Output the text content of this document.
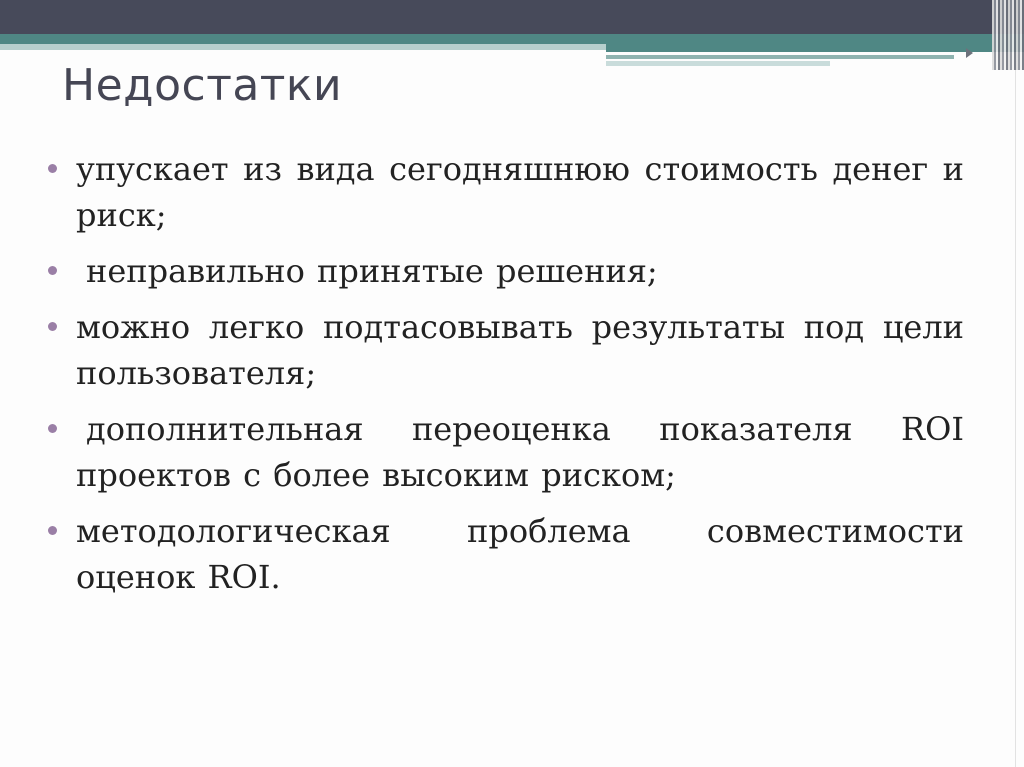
Недостатки
упускает из вида сегодняшнюю стоимость денег и риск;
неправильно принятые решения;
можно легко подтасовывать результаты под цели пользователя;
дополнительная переоценка показателя ROI проектов с более высоким риском;
методологическая проблема совместимости оценок ROI.
